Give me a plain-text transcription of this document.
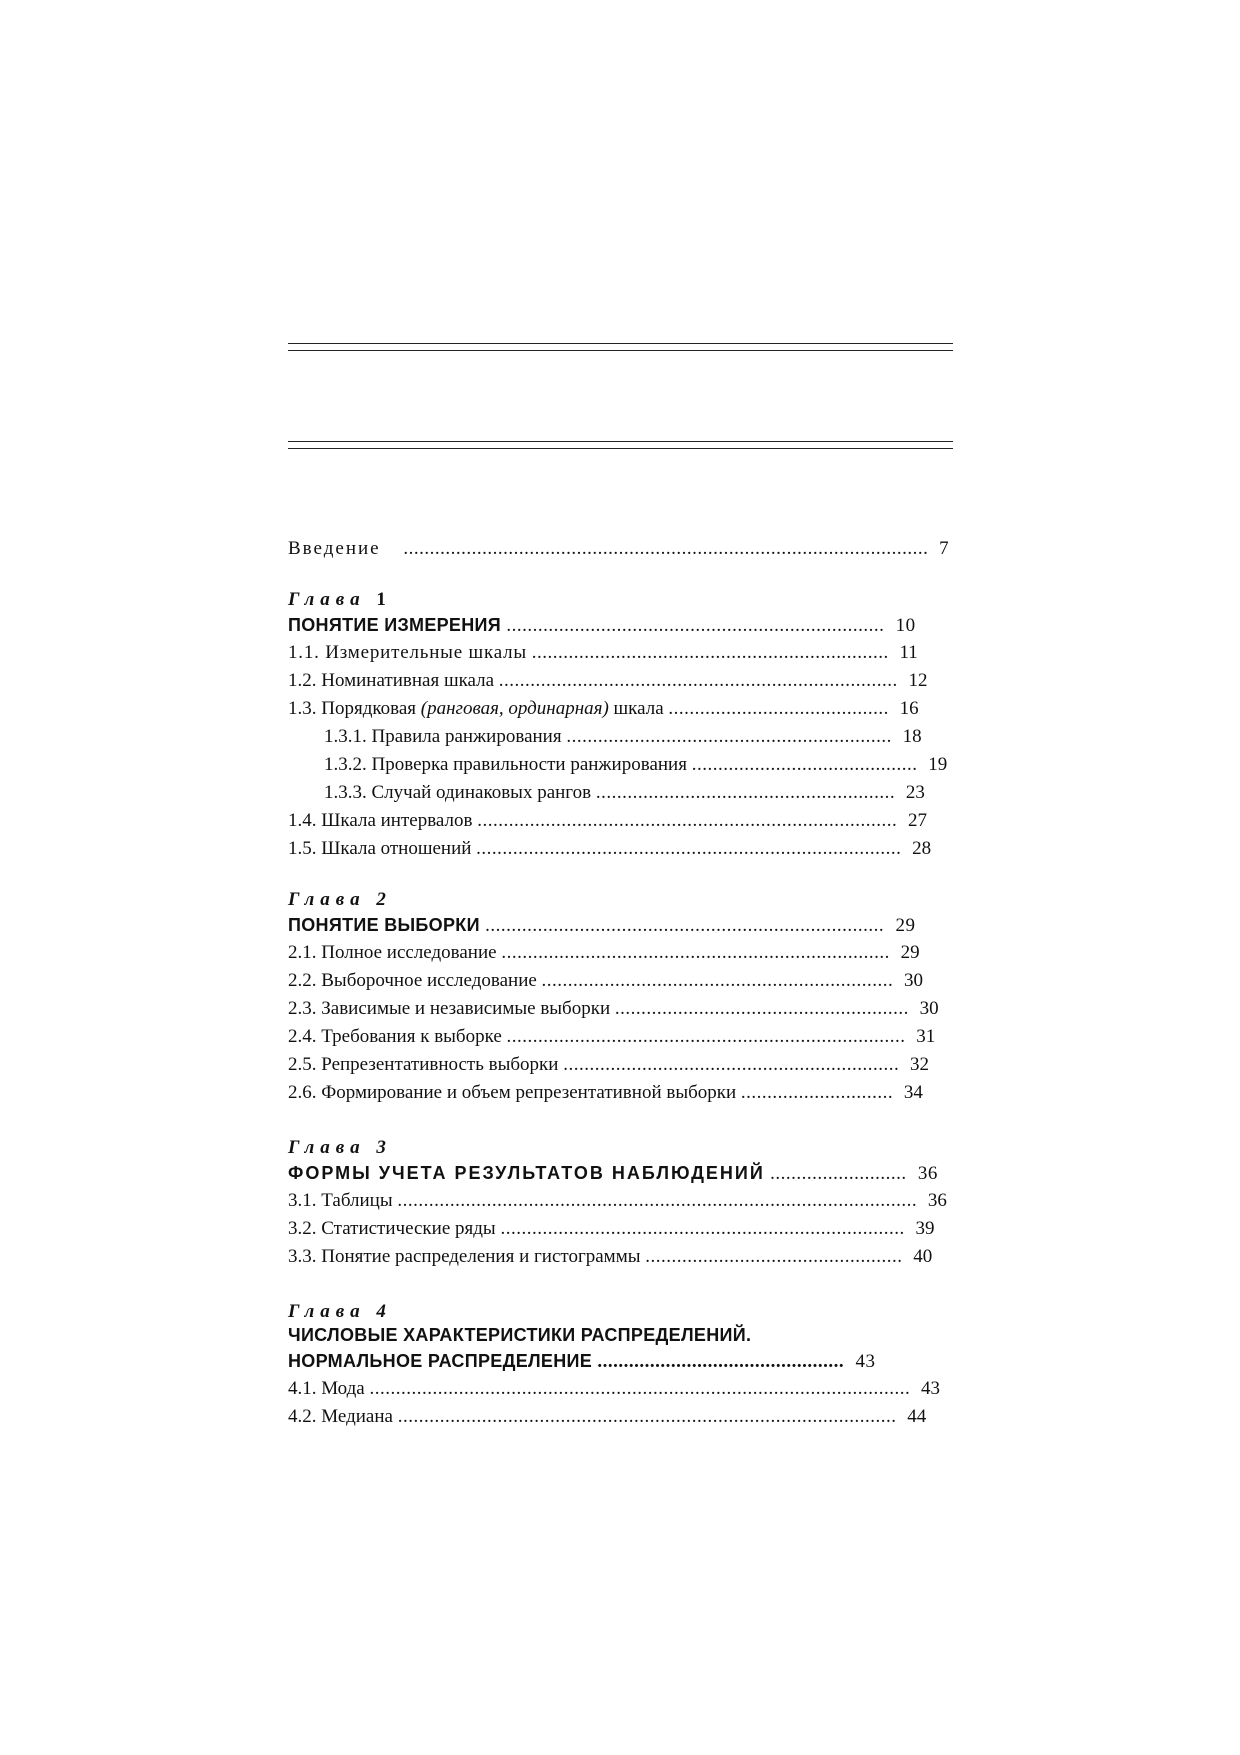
Введение .................................................................................................... 7
Глава 1
ПОНЯТИЕ ИЗМЕРЕНИЯ ........................................................................ 10
1.1. Измерительные шкалы .................................................................... 11
1.2. Номинативная шкала ............................................................................ 12
1.3. Порядковая (ранговая, ординарная) шкала .......................................... 16
1.3.1. Правила ранжирования .............................................................. 18
1.3.2. Проверка правильности ранжирования ........................................... 19
1.3.3. Случай одинаковых рангов ......................................................... 23
1.4. Шкала интервалов ................................................................................ 27
1.5. Шкала отношений ................................................................................. 28
Глава 2
ПОНЯТИЕ ВЫБОРКИ ............................................................................ 29
2.1. Полное исследование .......................................................................... 29
2.2. Выборочное исследование ................................................................... 30
2.3. Зависимые и независимые выборки ........................................................ 30
2.4. Требования к выборке ............................................................................ 31
2.5. Репрезентативность выборки ................................................................ 32
2.6. Формирование и объем репрезентативной выборки ............................. 34
Глава 3
ФОРМЫ УЧЕТА РЕЗУЛЬТАТОВ НАБЛЮДЕНИЙ .......................... 36
3.1. Таблицы ................................................................................................... 36
3.2. Статистические ряды ............................................................................. 39
3.3. Понятие распределения и гистограммы ................................................. 40
Глава 4
ЧИСЛОВЫЕ ХАРАКТЕРИСТИКИ РАСПРЕДЕЛЕНИЙ.
НОРМАЛЬНОЕ РАСПРЕДЕЛЕНИЕ ............................................... 43
4.1. Мода ....................................................................................................... 43
4.2. Медиана ............................................................................................... 44
